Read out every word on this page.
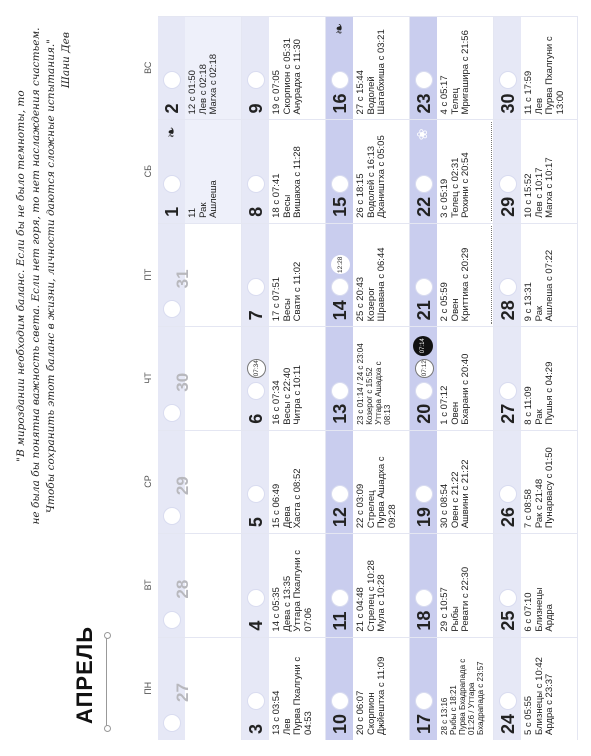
АПРЕЛЬ
"В мироздании необходим баланс. Если бы не было темноты, то не была бы понятна важность света. Если нет горя, то нет наслаждения счастьем. Чтобы сохранить этот баланс в жизни, личности даются сложные испытания." Шани Дев
ПН
ВТ
СР
ЧТ
ПТ
СБ
ВС
27
28
29
30
31
1 11
Рак
Ашлеша
❧
2 12 с 01:50
Лев с 02:18
Магха с 02:18
3 13 с 03:54
Лев
Пурва Пхалгуни с
04:53
4 14 с 05:35
Дева с 13:35
Уттара Пхалгуни с
07:06
5 15 с 06:49
Дева
Хаста с 08:52
6 16 с 07:34
Весы с 22:40
Читра с 10:11
07:34
7 17 с 07:51
Весы
Свати с 11:02
8 18 с 07:41
Весы
Вишакха с 11:28
9 19 с 07:05
Скорпион с 05:31
Анурадха с 11:30
10 20 с 06:07
Скорпион
Джйештха с 11:09
11 21 с 04:48
Стрелец с 10:28
Мула с 10:28
12 22 с 03:09
Стрелец
Пурва Ашадха с
09:28
13 23 с 01:14 / 24 с 23:04
Козерог с 15:52
Уттара Ашадха с
08:13
14 25 с 20:43
Козерог
Шравана с 06:44
12:28
15 26 с 18:15
Водолей с 16:13
Дхаништха с 05:05
16 27 с 15:44
Водолей
Шатабхиша с 03:21
❧
17 28 с 13:16
Рыбы с 18:21
Пурва Бхадрапада с
01:26 / Уттара
Бхадрапада с 23:57
18 29 с 10:57
Рыбы
Ревати с 22:30
19 30 с 08:54
Овен с 21:22
Ашвини с 21:22
20 1 с 07:12
Овен
Бхарани с 20:40
07:12
07:14
21 2 с 05:59
Овен
Криттика с 20:29
22 3 с 05:19
Телец с 02:31
Рохини с 20:54
❀
23 4 с 05:17
Телец
Мригашира с 21:56
24 5 с 05:55
Близнецы с 10:42
Ардра с 23:37
25 6 с 07:10
Близнецы
Ардра
26 7 с 08:58
Рак с 21:48
Пунарвасу с 01:50
27 8 с 11:09
Рак
Пушья с 04:29
28 9 с 13:31
Рак
Ашлеша с 07:22
29 10 с 15:52
Лев с 10:17
Магха с 10:17
30 11 с 17:59
Лев
Пурва Пхалгуни с
13:00
